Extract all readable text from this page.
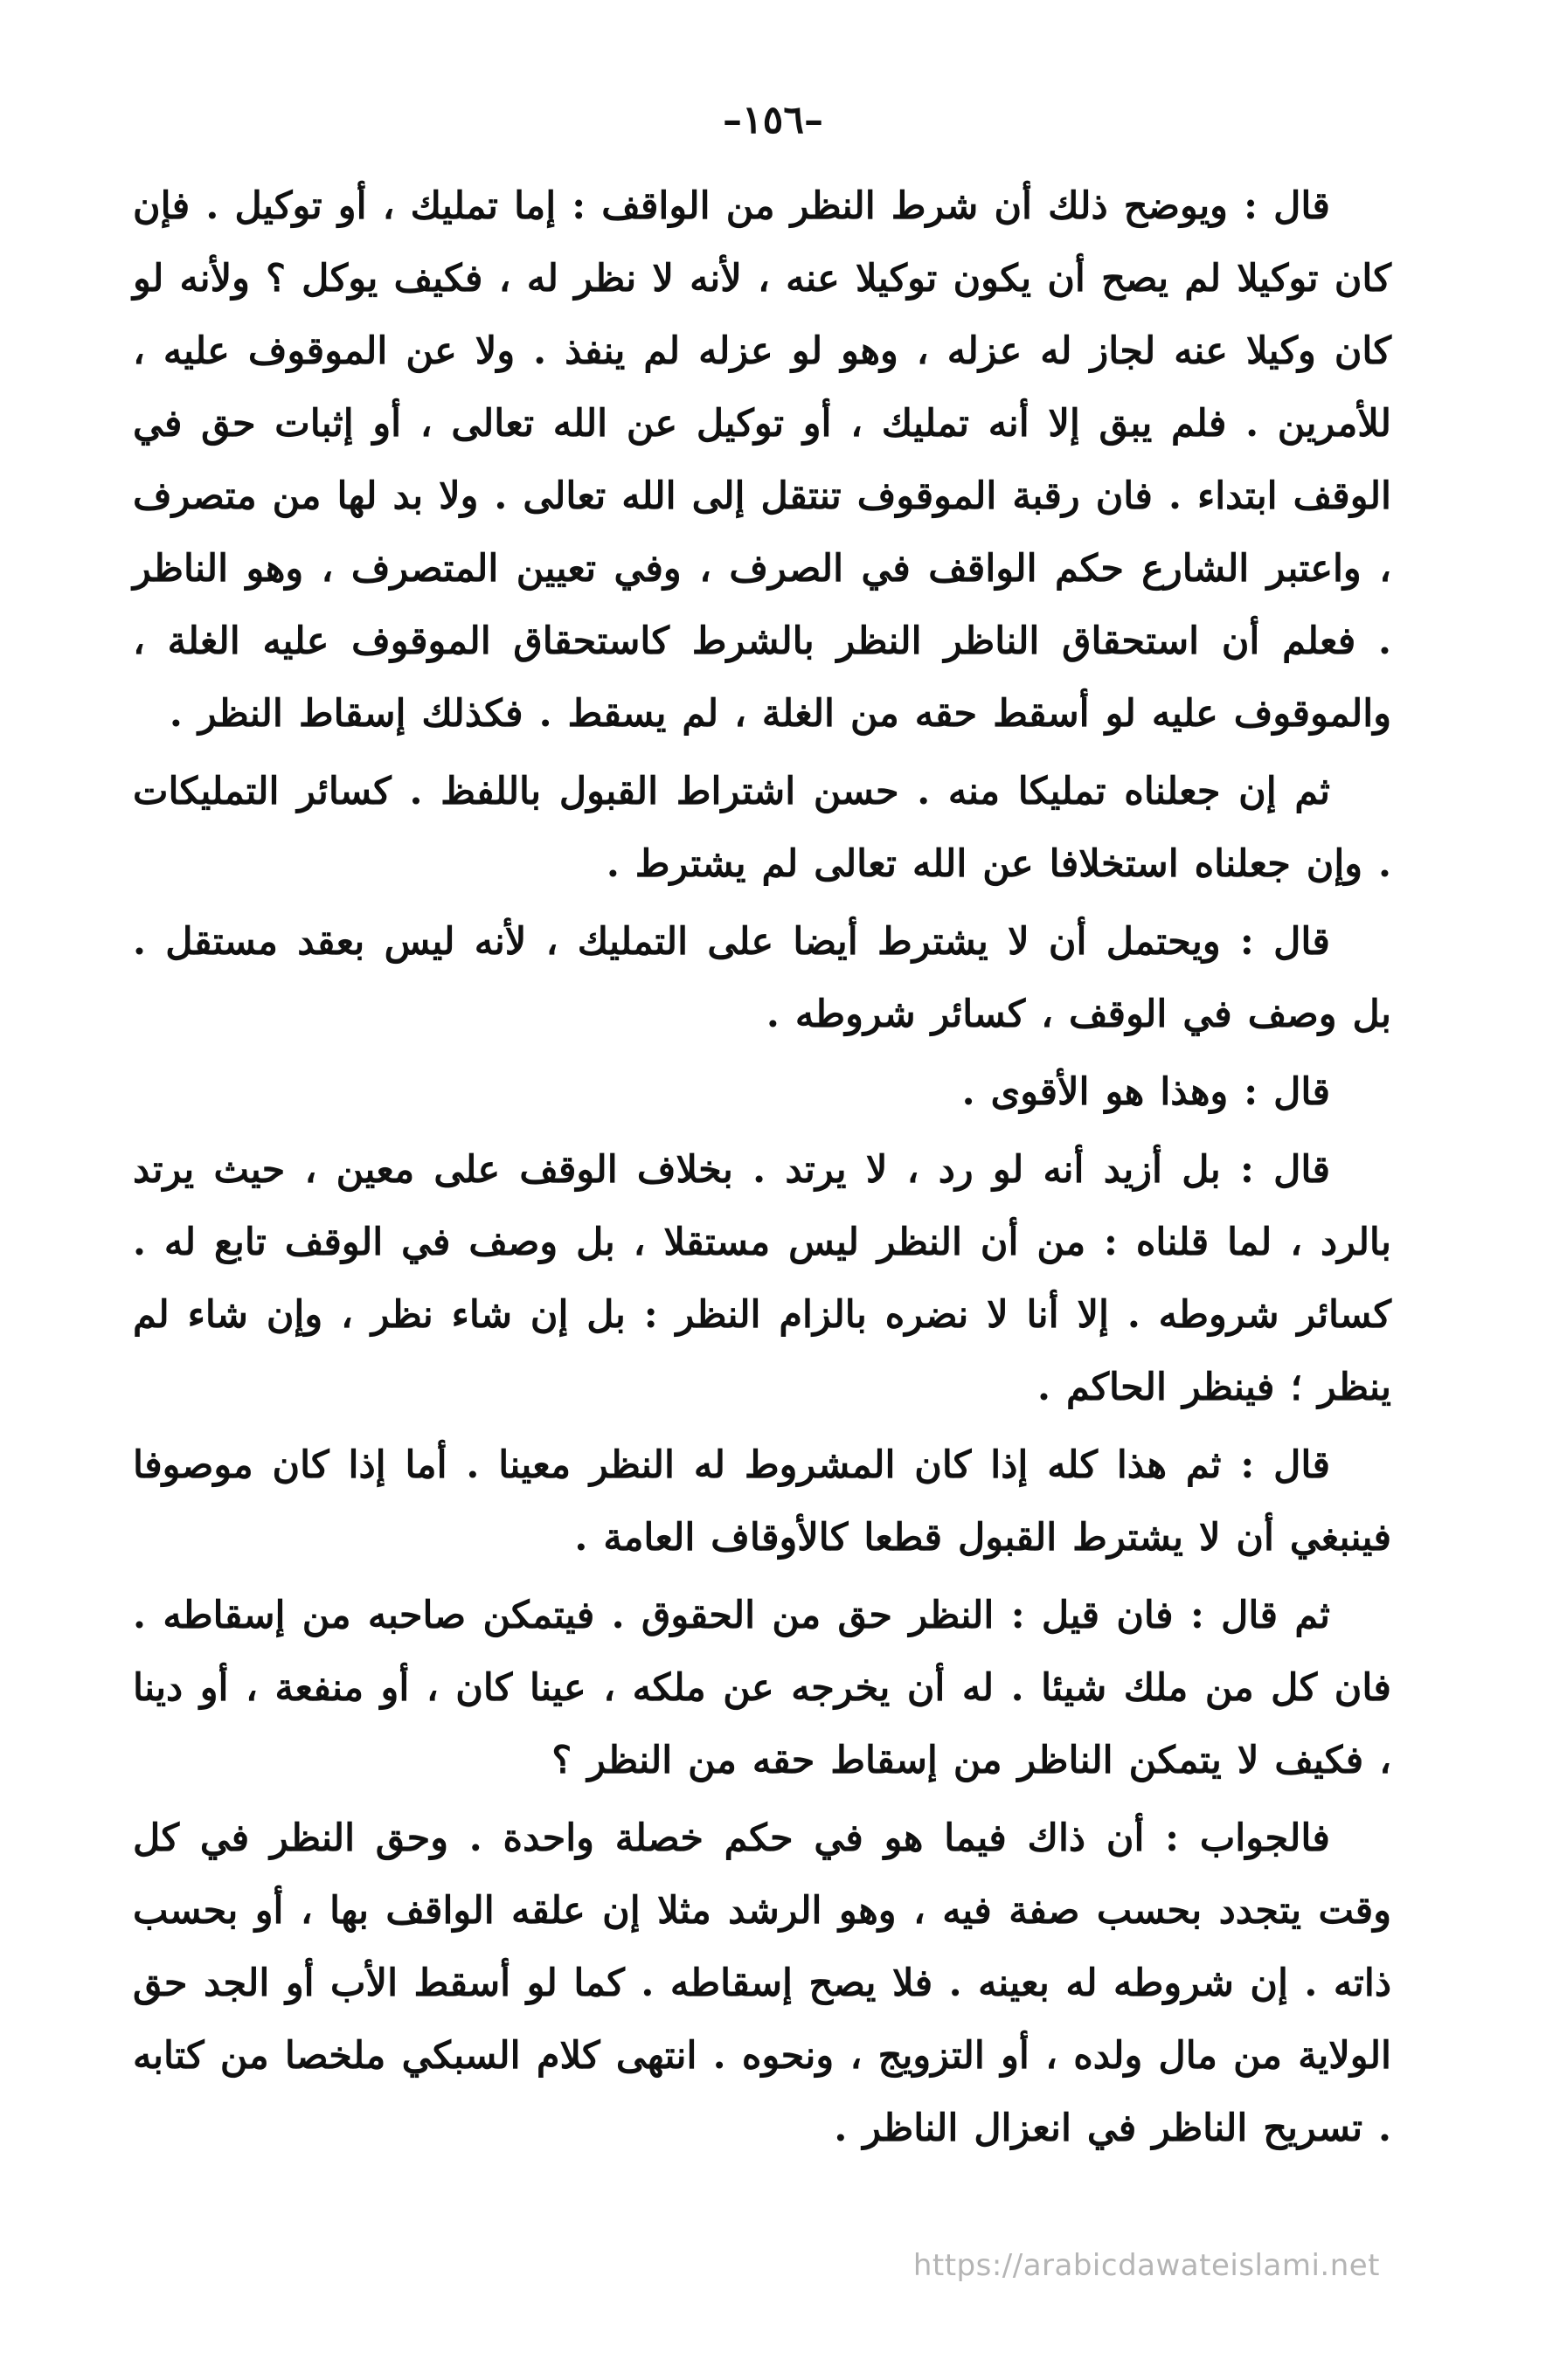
–١٥٦–

قال : ويوضح ذلك أن شرط النظر من الواقف : إما تمليك ، أو توكيل . فإن كان توكيلا لم يصح أن يكون توكيلا عنه ، لأنه لا نظر له ، فكيف يوكل ؟ ولأنه لو كان وكيلا عنه لجاز له عزله ، وهو لو عزله لم ينفذ . ولا عن الموقوف عليه ، للأمرين . فلم يبق إلا أنه تمليك ، أو توكيل عن الله تعالى ، أو إثبات حق في الوقف ابتداء . فان رقبة الموقوف تنتقل إلى الله تعالى . ولا بد لها من متصرف ، واعتبر الشارع حكم الواقف في الصرف ، وفي تعيين المتصرف ، وهو الناظر . فعلم أن استحقاق الناظر النظر بالشرط كاستحقاق الموقوف عليه الغلة ، والموقوف عليه لو أسقط حقه من الغلة ، لم يسقط . فكذلك إسقاط النظر .

ثم إن جعلناه تمليكا منه . حسن اشتراط القبول باللفظ . كسائر التمليكات . وإن جعلناه استخلافا عن الله تعالى لم يشترط .

قال : ويحتمل أن لا يشترط أيضا على التمليك ، لأنه ليس بعقد مستقل . بل وصف في الوقف ، كسائر شروطه .

قال : وهذا هو الأقوى .

قال : بل أزيد أنه لو رد ، لا يرتد . بخلاف الوقف على معين ، حيث يرتد بالرد ، لما قلناه : من أن النظر ليس مستقلا ، بل وصف في الوقف تابع له . كسائر شروطه . إلا أنا لا نضره بالزام النظر : بل إن شاء نظر ، وإن شاء لم ينظر ؛ فينظر الحاكم .

قال : ثم هذا كله إذا كان المشروط له النظر معينا . أما إذا كان موصوفا فينبغي أن لا يشترط القبول قطعا كالأوقاف العامة .

ثم قال : فان قيل : النظر حق من الحقوق . فيتمكن صاحبه من إسقاطه . فان كل من ملك شيئا . له أن يخرجه عن ملكه ، عينا كان ، أو منفعة ، أو دينا ، فكيف لا يتمكن الناظر من إسقاط حقه من النظر ؟

فالجواب : أن ذاك فيما هو في حكم خصلة واحدة . وحق النظر في كل وقت يتجدد بحسب صفة فيه ، وهو الرشد مثلا إن علقه الواقف بها ، أو بحسب ذاته . إن شروطه له بعينه . فلا يصح إسقاطه . كما لو أسقط الأب أو الجد حق الولاية من مال ولده ، أو التزويج ، ونحوه . انتهى كلام السبكي ملخصا من كتابه . تسريح الناظر في انعزال الناظر .

https://arabicdawateislami.net
